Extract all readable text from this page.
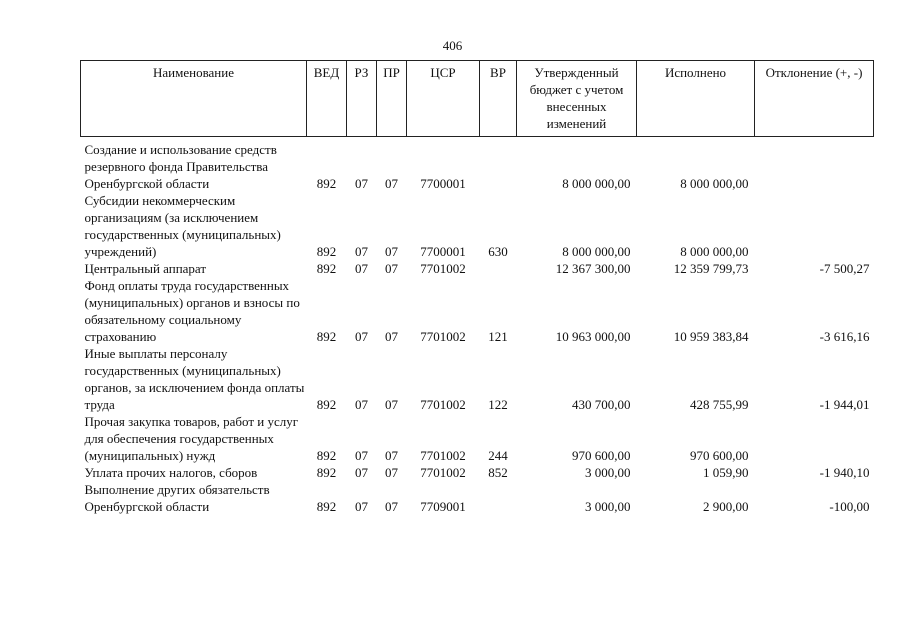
406
Наименование	ВЕД	РЗ	ПР	ЦСР	ВР	Утвержденный бюджет с учетом внесенных изменений	Исполнено	Отклонение (+, -)
Создание и использование средств резервного фонда Правительства Оренбургской области	892	07	07	7700001		8 000 000,00	8 000 000,00	
Субсидии некоммерческим организациям (за исключением государственных (муниципальных) учреждений)	892	07	07	7700001	630	8 000 000,00	8 000 000,00	
Центральный аппарат	892	07	07	7701002		12 367 300,00	12 359 799,73	-7 500,27
Фонд оплаты труда государственных (муниципальных) органов и взносы по обязательному социальному страхованию	892	07	07	7701002	121	10 963 000,00	10 959 383,84	-3 616,16
Иные выплаты персоналу государственных (муниципальных) органов, за исключением фонда оплаты труда	892	07	07	7701002	122	430 700,00	428 755,99	-1 944,01
Прочая закупка товаров, работ и услуг для обеспечения государственных (муниципальных) нужд	892	07	07	7701002	244	970 600,00	970 600,00	
Уплата прочих налогов, сборов	892	07	07	7701002	852	3 000,00	1 059,90	-1 940,10
Выполнение других обязательств Оренбургской области	892	07	07	7709001		3 000,00	2 900,00	-100,00
